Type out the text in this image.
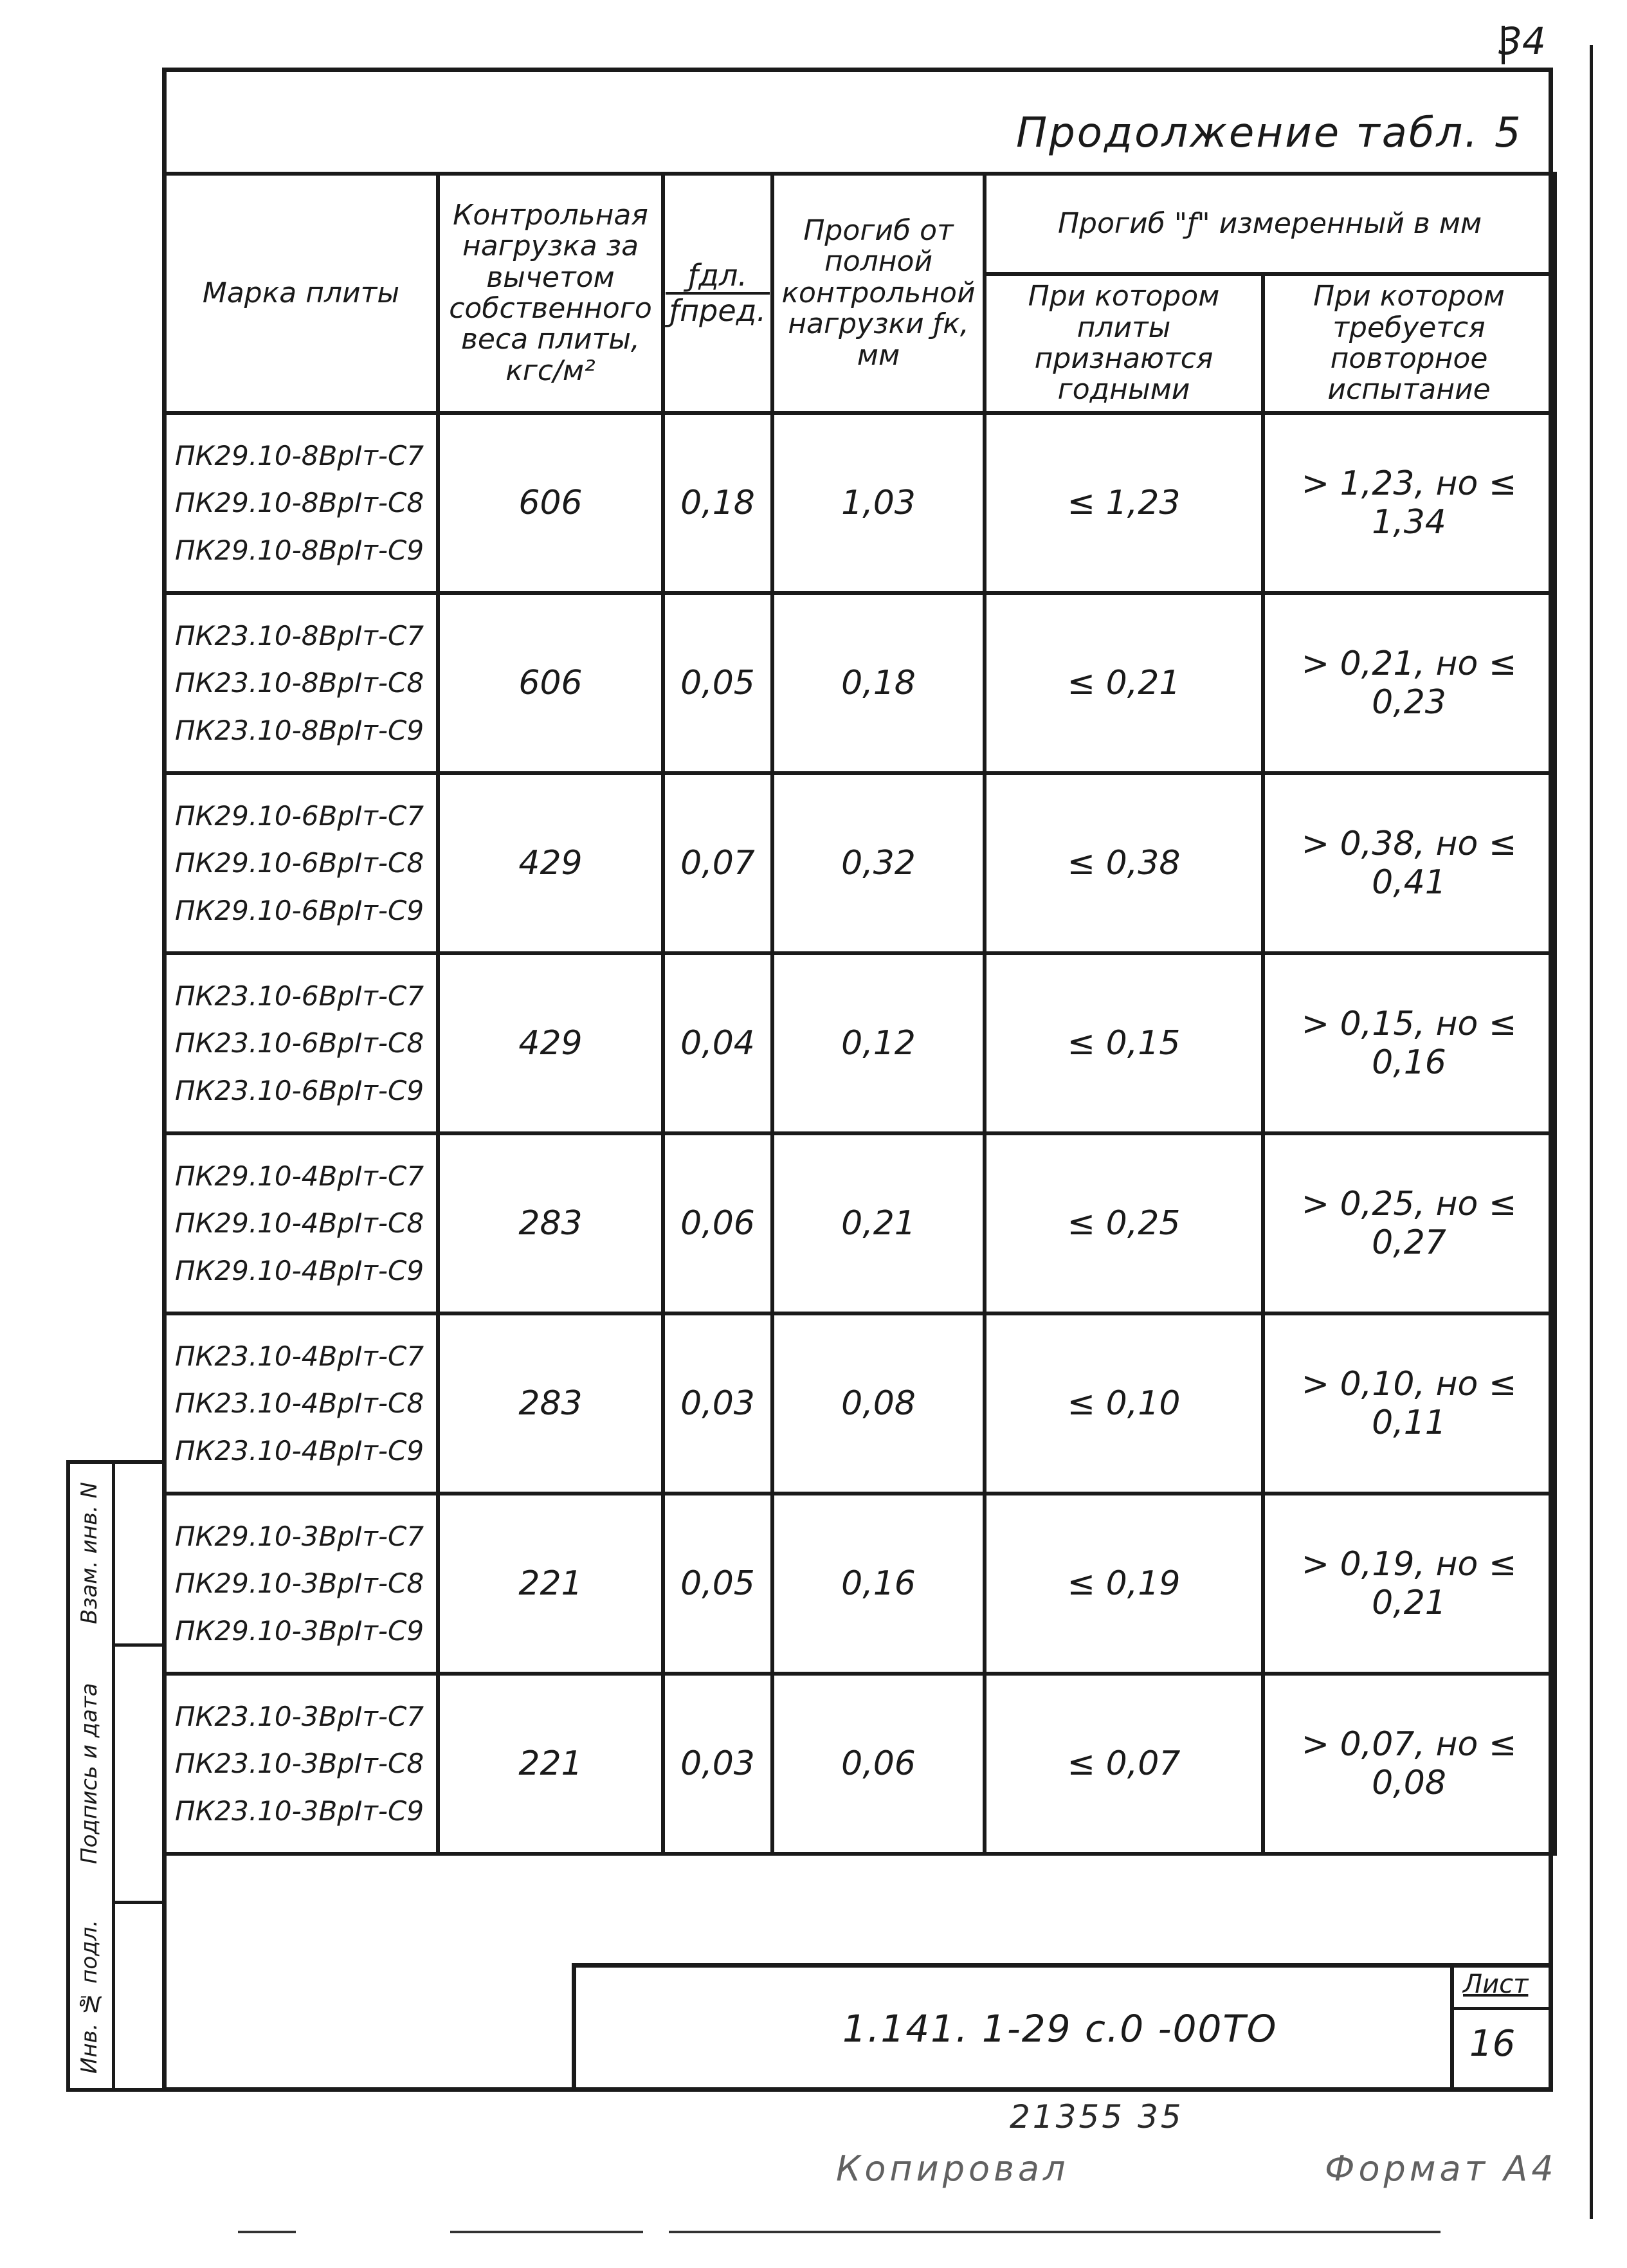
34
Продолжение табл. 5
Марка плиты	Контрольная нагрузка за вычетом собственного веса плиты, кгс/м²	$\frac{\text{ƒдл.}}{\text{ƒпред.}}$	Прогиб от полной контрольной нагрузки ƒк, мм	Прогиб "ƒ" измеренный в мм	
				При котором плиты признаются годными	При котором требуется повторное испытание

ПК29.10-8ВрIт-С7
ПК29.10-8ВрIт-С8
ПК29.10-8ВрIт-С9	606	0,18	1,03	≤ 1,23	> 1,23, но ≤ 1,34

ПК23.10-8ВрIт-С7
ПК23.10-8ВрIт-С8
ПК23.10-8ВрIт-С9	606	0,05	0,18	≤ 0,21	> 0,21, но ≤ 0,23

ПК29.10-6ВрIт-С7
ПК29.10-6ВрIт-С8
ПК29.10-6ВрIт-С9	429	0,07	0,32	≤ 0,38	> 0,38, но ≤ 0,41

ПК23.10-6ВрIт-С7
ПК23.10-6ВрIт-С8
ПК23.10-6ВрIт-С9	429	0,04	0,12	≤ 0,15	> 0,15, но ≤ 0,16

ПК29.10-4ВрIт-С7
ПК29.10-4ВрIт-С8
ПК29.10-4ВрIт-С9	283	0,06	0,21	≤ 0,25	> 0,25, но ≤ 0,27

ПК23.10-4ВрIт-С7
ПК23.10-4ВрIт-С8
ПК23.10-4ВрIт-С9	283	0,03	0,08	≤ 0,10	> 0,10, но ≤ 0,11

ПК29.10-3ВрIт-С7
ПК29.10-3ВрIт-С8
ПК29.10-3ВрIт-С9	221	0,05	0,16	≤ 0,19	> 0,19, но ≤ 0,21

ПК23.10-3ВрIт-С7
ПК23.10-3ВрIт-С8
ПК23.10-3ВрIт-С9	221	0,03	0,06	≤ 0,07	> 0,07, но ≤ 0,08
Взам. инв. N
Подпись и дата
Инв. № подл.	1.141. 1-29 с.0 -00ТО
Лист
16
21355 35
Копировал	Формат А4
